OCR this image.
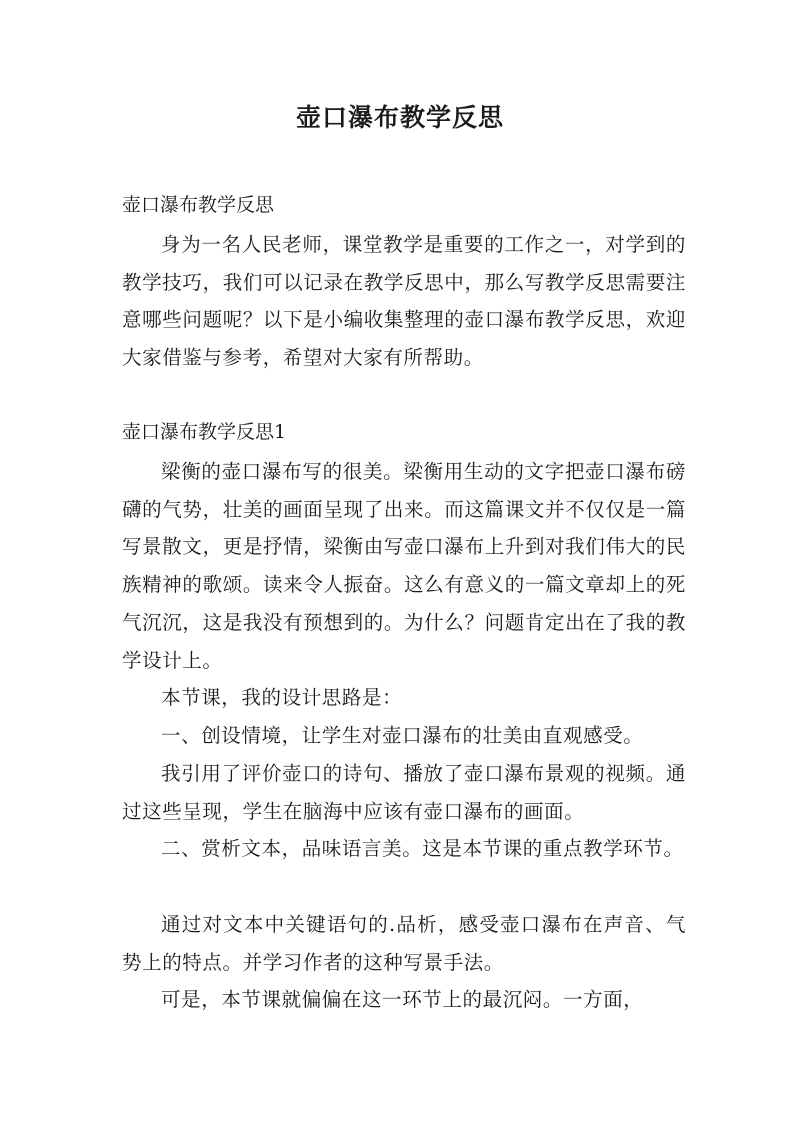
壶口瀑布教学反思

壶口瀑布教学反思

身为一名人民老师，课堂教学是重要的工作之一，对学到的教学技巧，我们可以记录在教学反思中，那么写教学反思需要注意哪些问题呢？以下是小编收集整理的壶口瀑布教学反思，欢迎大家借鉴与参考，希望对大家有所帮助。

壶口瀑布教学反思1

梁衡的壶口瀑布写的很美。梁衡用生动的文字把壶口瀑布磅礴的气势，壮美的画面呈现了出来。而这篇课文并不仅仅是一篇写景散文，更是抒情，梁衡由写壶口瀑布上升到对我们伟大的民族精神的歌颂。读来令人振奋。这么有意义的一篇文章却上的死气沉沉，这是我没有预想到的。为什么？问题肯定出在了我的教学设计上。

本节课，我的设计思路是：

一、创设情境，让学生对壶口瀑布的壮美由直观感受。

我引用了评价壶口的诗句、播放了壶口瀑布景观的视频。通过这些呈现，学生在脑海中应该有壶口瀑布的画面。

二、赏析文本，品味语言美。这是本节课的重点教学环节。

通过对文本中关键语句的.品析，感受壶口瀑布在声音、气势上的特点。并学习作者的这种写景手法。

可是，本节课就偏偏在这一环节上的最沉闷。一方面，
